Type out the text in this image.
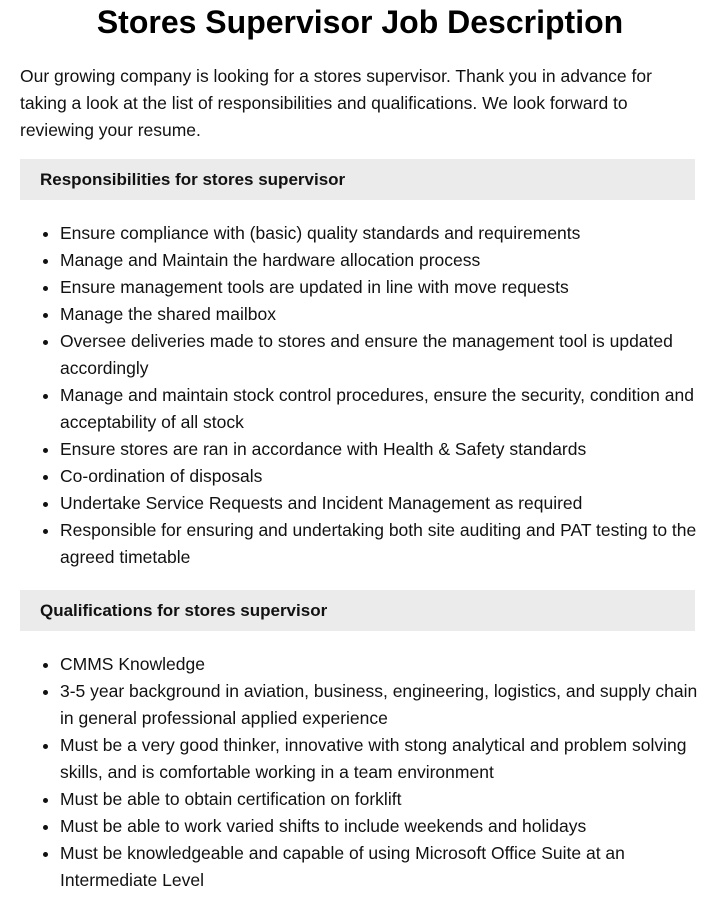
Stores Supervisor Job Description

Our growing company is looking for a stores supervisor. Thank you in advance for taking a look at the list of responsibilities and qualifications. We look forward to reviewing your resume.

Responsibilities for stores supervisor
• Ensure compliance with (basic) quality standards and requirements
• Manage and Maintain the hardware allocation process
• Ensure management tools are updated in line with move requests
• Manage the shared mailbox
• Oversee deliveries made to stores and ensure the management tool is updated accordingly
• Manage and maintain stock control procedures, ensure the security, condition and acceptability of all stock
• Ensure stores are ran in accordance with Health & Safety standards
• Co-ordination of disposals
• Undertake Service Requests and Incident Management as required
• Responsible for ensuring and undertaking both site auditing and PAT testing to the agreed timetable
Qualifications for stores supervisor
• CMMS Knowledge
• 3-5 year background in aviation, business, engineering, logistics, and supply chain in general professional applied experience
• Must be a very good thinker, innovative with stong analytical and problem solving skills, and is comfortable working in a team environment
• Must be able to obtain certification on forklift
• Must be able to work varied shifts to include weekends and holidays
• Must be knowledgeable and capable of using Microsoft Office Suite at an Intermediate Level
